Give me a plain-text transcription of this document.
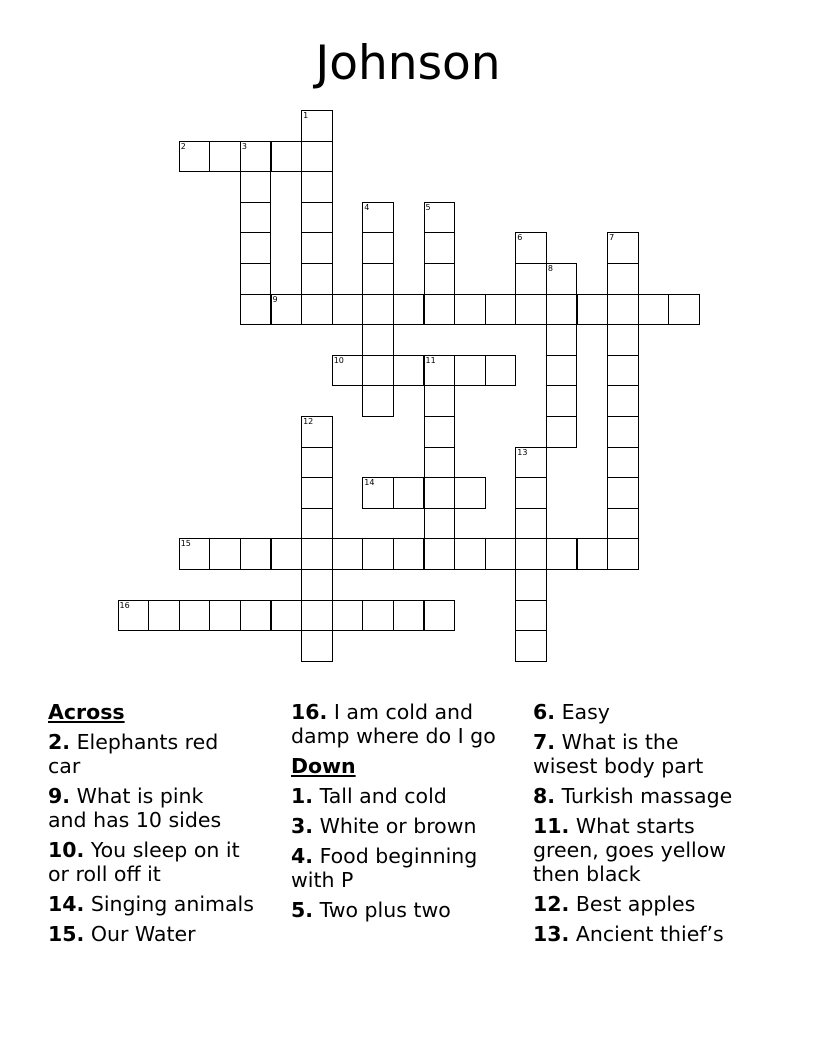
Johnson
1
2	3
4	5
6	7
8
9
10	11
12
13
14
15
16
Across
2. Elephants red
car
9. What is pink
and has 10 sides
10. You sleep on it
or roll off it
14. Singing animals
15. Our Water
16. I am cold and
damp where do I go
Down
1. Tall and cold
3. White or brown
4. Food beginning
with P
5. Two plus two
6. Easy
7. What is the
wisest body part
8. Turkish massage
11. What starts
green, goes yellow
then black
12. Best apples
13. Ancient thief’s
